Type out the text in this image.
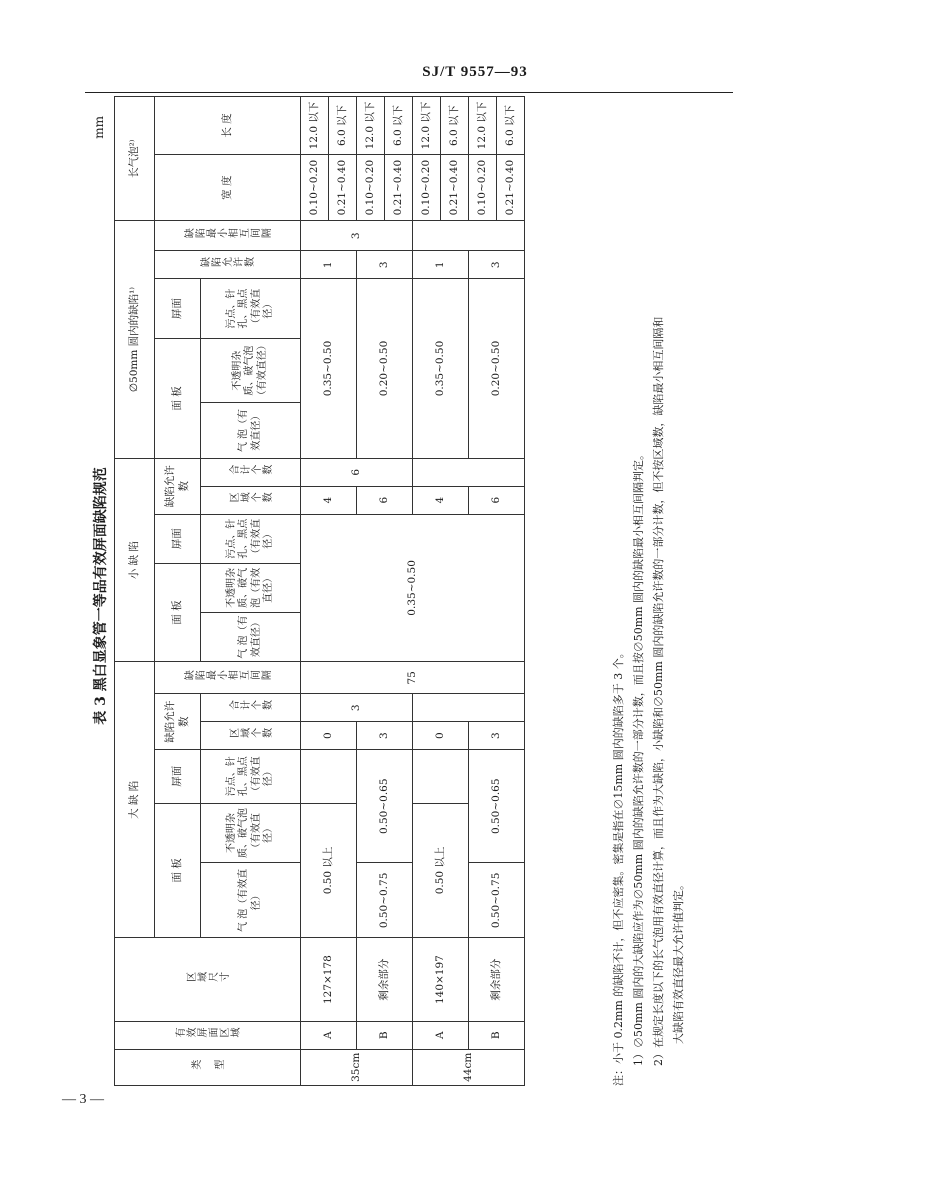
SJ/T 9557—93
— 3 —
表 3 黑白显象管一等品有效屏面缺陷规范
mm
类 型	有效屏面区域	区域尺寸	大 缺 陷						小 缺 陷					∅50mm 圆内的缺陷¹⁾					长气泡²⁾	
			面 板		屏面	缺陷允许数		缺陷最小相互间隔	面 板		屏面	缺陷允许数		面 板		屏面	缺陷允许数	缺陷最小相互间隔	宽 度	长 度
			气 泡（有效直径）	不透明杂质、破气泡（有效直径）	污点、针孔、黑点（有效直径）	区域个数	合计个数		气 泡（有效直径）	不透明杂质、破气泡（有效直径）	污点、针孔、黑点（有效直径）	区域个数	合计个数	气 泡（有效直径）	不透明杂质、破气泡（有效直径）	污点、针孔、黑点（有效直径）				
35cm	A	127×178	0.50 以上			0	3	75	0.35~0.50			4	6	0.35~0.50			1	3	0.10~0.20	12.0 以下
																			0.21~0.40	6.0 以下
	B	剩余部分	0.50~0.75	0.50~0.65		3						6		0.20~0.50			3		0.10~0.20	12.0 以下
																			0.21~0.40	6.0 以下
44cm	A	140×197	0.50 以上			0						4		0.35~0.50			1		0.10~0.20	12.0 以下
																			0.21~0.40	6.0 以下
	B	剩余部分	0.50~0.75	0.50~0.65		3						6		0.20~0.50			3		0.10~0.20	12.0 以下
																			0.21~0.40	6.0 以下
注：小于 0.2mm 的缺陷不计，但不应密集。密集是指在∅15mm 圆内的缺陷多于 3 个。 1）∅50mm 圆内的大缺陷应作为∅50mm 圆内的缺陷允许数的一部分计数，而且按∅50mm 圆内的缺陷最小相互间隔判定。 2）在规定长度以下的长气泡用有效直径计算，而且作为大缺陷，小缺陷和∅50mm 圆内的缺陷允许数的一部分计数，但不按区域数，缺陷最小相互间隔和 大缺陷有效直径最大允许值判定。
